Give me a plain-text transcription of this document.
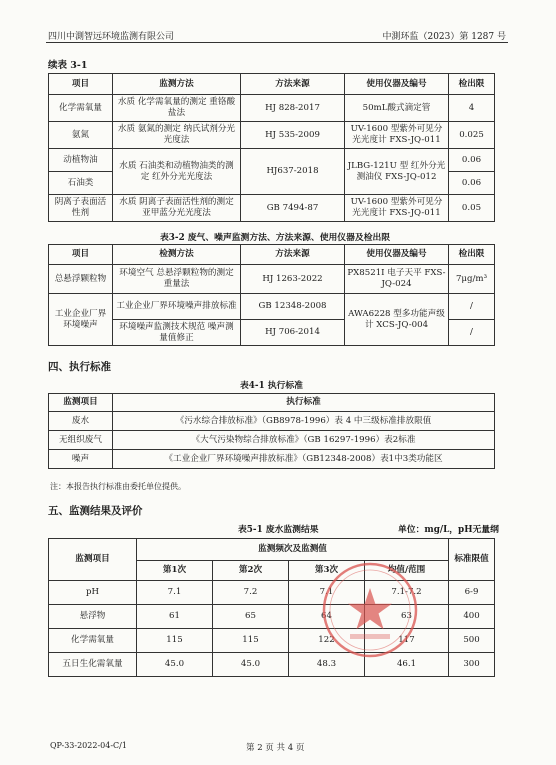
四川中測智远环境监测有限公司	中測环监（2023）第 1287 号
续表 3-1
项目	监测方法	方法来源	使用仪器及编号	检出限
化学需氧量	水质 化学需氧量的测定 重铬酸盐法	HJ 828-2017	50mL酸式滴定管	4
氨氮	水质 氨氮的测定 纳氏试剂分光光度法	HJ 535-2009	UV-1600 型紫外可见分光光度计 FXS-JQ-011	0.025
动植物油	水质 石油类和动植物油类的测定 红外分光光度法	HJ637-2018	JLBG-121U 型 红外分光测油仪 FXS-JQ-012	0.06
石油类				0.06
阴离子表面活性剂	水质 阴离子表面活性剂的测定 亚甲蓝分光光度法	GB 7494-87	UV-1600 型紫外可见分光光度计 FXS-JQ-011	0.05
表3-2 废气、噪声监测方法、方法来源、使用仪器及检出限
项目	检测方法	方法来源	使用仪器及编号	检出限
总悬浮颗粒物	环境空气 总悬浮颗粒物的测定 重量法	HJ 1263-2022	PX8521I 电子天平 FXS-JQ-024	7μg/m³
工业企业厂界环境噪声	工业企业厂界环境噪声排放标准	GB 12348-2008	AWA6228 型多功能声级计 XCS-JQ-004	/
	环境噪声监测技术规范 噪声测量值修正	HJ 706-2014		/
四、执行标准
表4-1 执行标准
监测项目	执行标准
废水	《污水综合排放标准》（GB8978-1996）表 4 中三级标准排放限值
无组织废气	《大气污染物综合排放标准》（GB 16297-1996）表2标准
噪声	《工业企业厂界环境噪声排放标准》（GB12348-2008）表1中3类功能区
注：本报告执行标准由委托单位提供。
五、监测结果及评价
表5-1 废水监测结果	单位：mg/L，pH无量纲
监测项目	监测频次及监测值				标准限值
	第1次	第2次	第3次	均值/范围	
pH	7.1	7.2	7.1	7.1-7.2	6-9
悬浮物	61	65	64	63	400
化学需氧量	115	115	122	117	500
五日生化需氧量	45.0	45.0	48.3	46.1	300
QP-33-2022-04-C/1	第 2 页 共 4 页
